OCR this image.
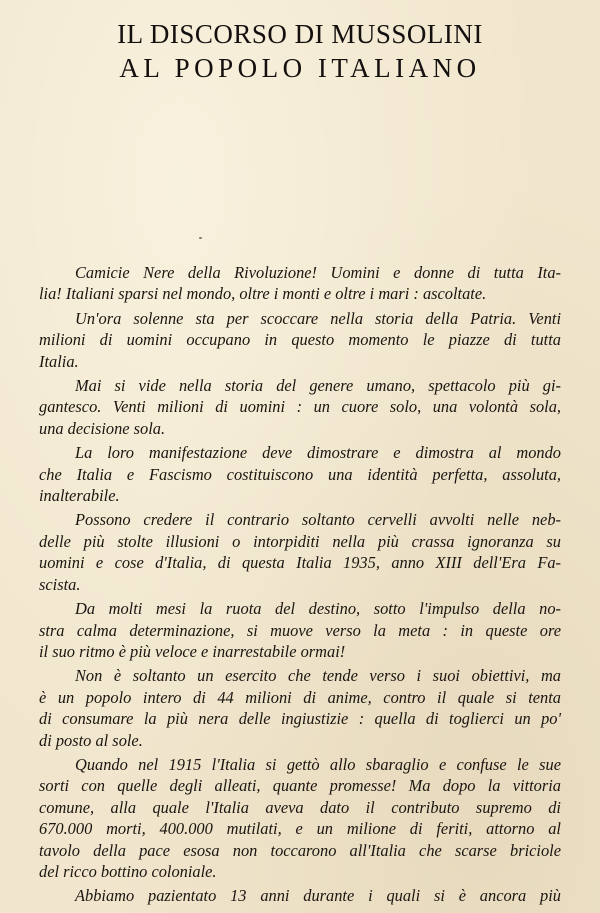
IL DISCORSO DI MUSSOLINI
AL POPOLO ITALIANO
Camicie Nere della Rivoluzione! Uomini e donne di tutta Ita-
lia! Italiani sparsi nel mondo, oltre i monti e oltre i mari : ascoltate.
Un'ora solenne sta per scoccare nella storia della Patria. Venti
milioni di uomini occupano in questo momento le piazze di tutta
Italia.
Mai si vide nella storia del genere umano, spettacolo più gi-
gantesco. Venti milioni di uomini : un cuore solo, una volontà sola,
una decisione sola.
La loro manifestazione deve dimostrare e dimostra al mondo
che Italia e Fascismo costituiscono una identità perfetta, assoluta,
inalterabile.
Possono credere il contrario soltanto cervelli avvolti nelle neb-
delle più stolte illusioni o intorpiditi nella più crassa ignoranza su
uomini e cose d'Italia, di questa Italia 1935, anno XIII dell'Era Fa-
scista.
Da molti mesi la ruota del destino, sotto l'impulso della no-
stra calma determinazione, si muove verso la meta : in queste ore
il suo ritmo è più veloce e inarrestabile ormai!
Non è soltanto un esercito che tende verso i suoi obiettivi, ma
è un popolo intero di 44 milioni di anime, contro il quale si tenta
di consumare la più nera delle ingiustizie : quella di toglierci un po'
di posto al sole.
Quando nel 1915 l'Italia si gettò allo sbaraglio e confuse le sue
sorti con quelle degli alleati, quante promesse! Ma dopo la vittoria
comune, alla quale l'Italia aveva dato il contributo supremo di
670.000 morti, 400.000 mutilati, e un milione di feriti, attorno al
tavolo della pace esosa non toccarono all'Italia che scarse briciole
del ricco bottino coloniale.
Abbiamo pazientato 13 anni durante i quali si è ancora più
